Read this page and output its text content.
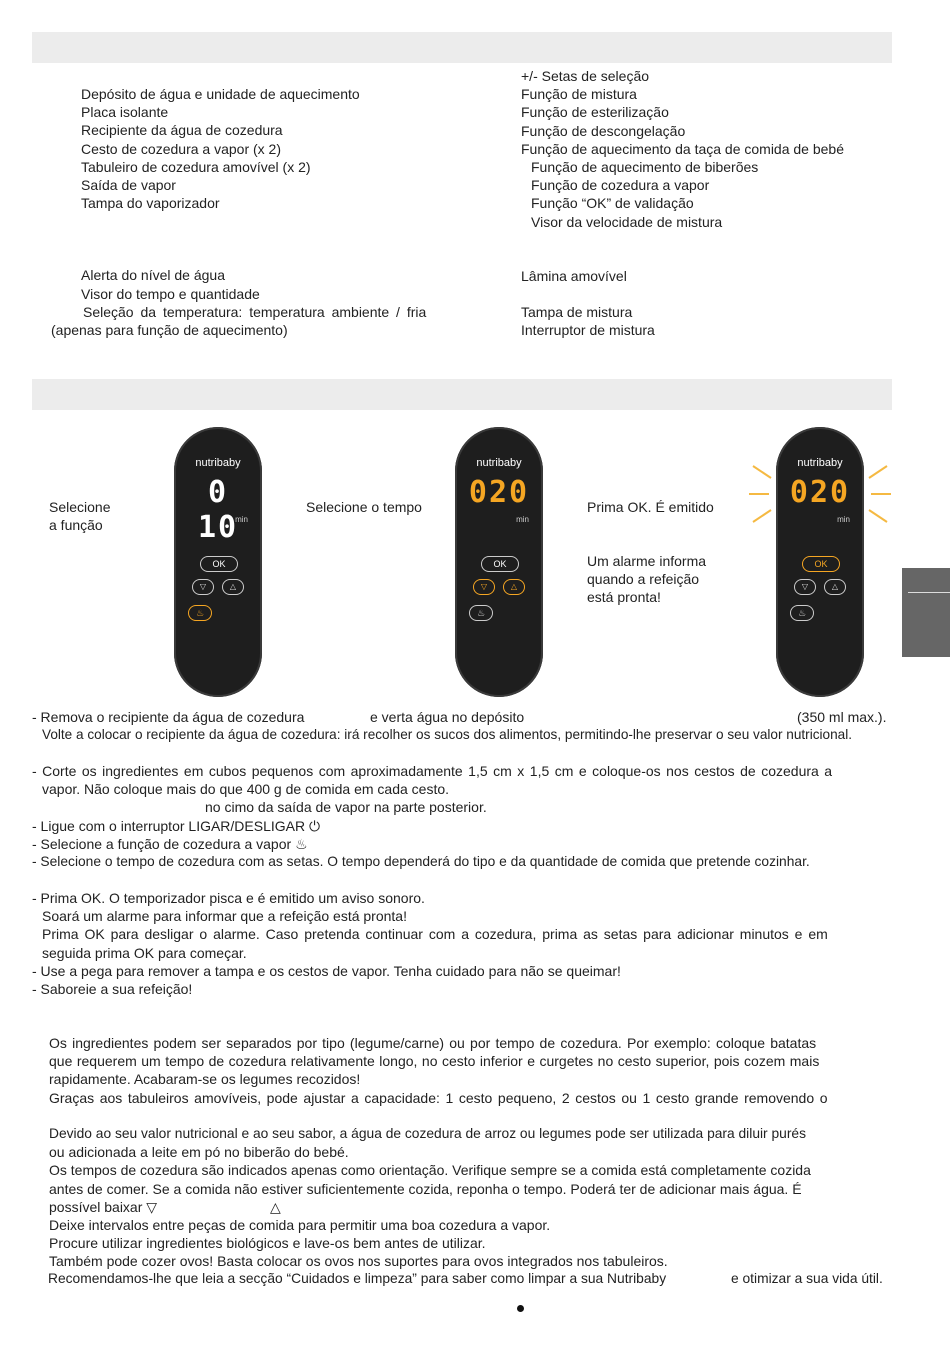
Depósito de água e unidade de aquecimento
Placa isolante
Recipiente da água de cozedura
Cesto de cozedura a vapor (x 2)
Tabuleiro de cozedura amovível (x 2)
Saída de vapor
Tampa do vaporizador
+/- Setas de seleção
Função de mistura
Função de esterilização
Função de descongelação
Função de aquecimento da taça de comida de bebé
Função de aquecimento de biberões
Função de cozedura a vapor
Função “OK” de validação
Visor da velocidade de mistura
Alerta do nível de água
Visor do tempo e quantidade
Seleção da temperatura: temperatura ambiente / fria
(apenas para função de aquecimento)
Lâmina amovível
Tampa de mistura
Interruptor de mistura
Selecione
a função
Selecione o tempo	Prima OK. É emitido
Um alarme informa
quando a refeição
está pronta!
nutribaby
0 10
min
OK
▽	△
♨
nutribaby
020
min
OK
▽	△
♨
nutribaby
020
min
OK
▽	△
♨
- Remova o recipiente da água de cozedura	e verta água no depósito	(350 ml max.).
Volte a colocar o recipiente da água de cozedura: irá recolher os sucos dos alimentos, permitindo-lhe preservar o seu valor nutricional.
- Corte os ingredientes em cubos pequenos com aproximadamente 1,5 cm x 1,5 cm e coloque-os nos cestos de cozedura a
vapor. Não coloque mais do que 400 g de comida em cada cesto.
no cimo da saída de vapor na parte posterior.
- Ligue com o interruptor LIGAR/DESLIGAR ⏻
- Selecione a função de cozedura a vapor ♨
- Selecione o tempo de cozedura com as setas. O tempo dependerá do tipo e da quantidade de comida que pretende cozinhar.
- Prima OK. O temporizador pisca e é emitido um aviso sonoro.
Soará um alarme para informar que a refeição está pronta!
Prima OK para desligar o alarme. Caso pretenda continuar com a cozedura, prima as setas para adicionar minutos e em
seguida prima OK para começar.
- Use a pega para remover a tampa e os cestos de vapor. Tenha cuidado para não se queimar!
- Saboreie a sua refeição!
Os ingredientes podem ser separados por tipo (legume/carne) ou por tempo de cozedura. Por exemplo: coloque batatas
que requerem um tempo de cozedura relativamente longo, no cesto inferior e curgetes no cesto superior, pois cozem mais
rapidamente. Acabaram-se os legumes recozidos!
Graças aos tabuleiros amovíveis, pode ajustar a capacidade: 1 cesto pequeno, 2 cestos ou 1 cesto grande removendo o
Devido ao seu valor nutricional e ao seu sabor, a água de cozedura de arroz ou legumes pode ser utilizada para diluir purés
ou adicionada a leite em pó no biberão do bebé.
Os tempos de cozedura são indicados apenas como orientação. Verifique sempre se a comida está completamente cozida
antes de comer. Se a comida não estiver suficientemente cozida, reponha o tempo. Poderá ter de adicionar mais água. É
possível baixar ▽	△
Deixe intervalos entre peças de comida para permitir uma boa cozedura a vapor.
Procure utilizar ingredientes biológicos e lave-os bem antes de utilizar.
Também pode cozer ovos! Basta colocar os ovos nos suportes para ovos integrados nos tabuleiros.
Recomendamos-lhe que leia a secção “Cuidados e limpeza” para saber como limpar a sua Nutribaby	e otimizar a sua vida útil.
